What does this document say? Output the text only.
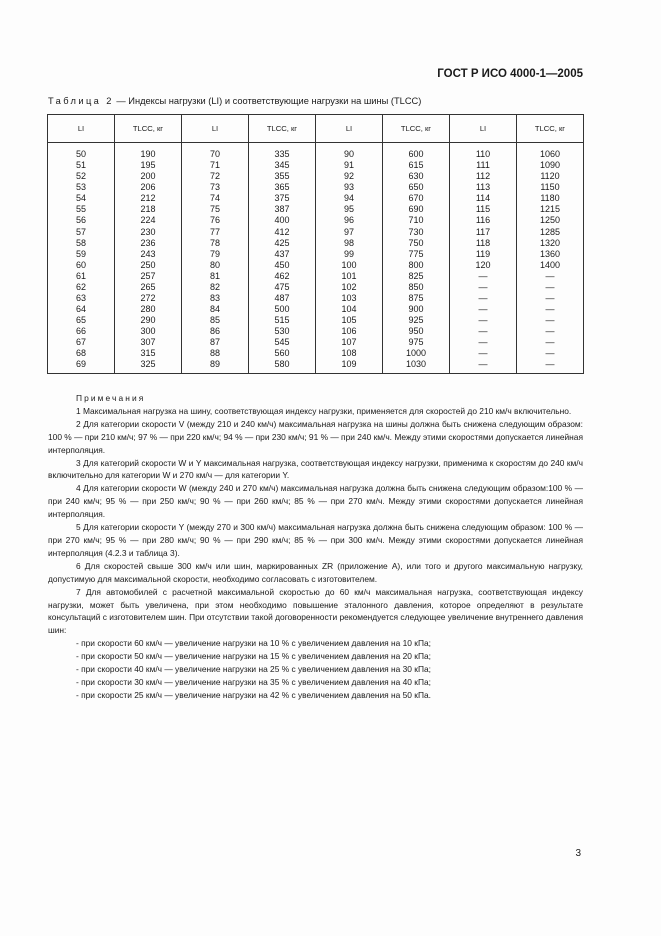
ГОСТ Р ИСО 4000-1—2005
Таблица 2 — Индексы нагрузки (LI) и соответствующие нагрузки на шины (TLCC)
LI	TLCC, кг	LI	TLCC, кг	LI	TLCC, кг	LI	TLCC, кг
50	190	70	335	90	600	110	1060
51	195	71	345	91	615	111	1090
52	200	72	355	92	630	112	1120
53	206	73	365	93	650	113	1150
54	212	74	375	94	670	114	1180
55	218	75	387	95	690	115	1215
56	224	76	400	96	710	116	1250
57	230	77	412	97	730	117	1285
58	236	78	425	98	750	118	1320
59	243	79	437	99	775	119	1360
60	250	80	450	100	800	120	1400
61	257	81	462	101	825	—	—
62	265	82	475	102	850	—	—
63	272	83	487	103	875	—	—
64	280	84	500	104	900	—	—
65	290	85	515	105	925	—	—
66	300	86	530	106	950	—	—
67	307	87	545	107	975	—	—
68	315	88	560	108	1000	—	—
69	325	89	580	109	1030	—	—
Примечания

1 Максимальная нагрузка на шину, соответствующая индексу нагрузки, применяется для скоростей до 210 км/ч включительно.

2 Для категории скорости V (между 210 и 240 км/ч) максимальная нагрузка на шины должна быть снижена следующим образом: 100 % — при 210 км/ч; 97 % — при 220 км/ч; 94 % — при 230 км/ч; 91 % — при 240 км/ч. Между этими скоростями допускается линейная интерполяция.

3 Для категорий скорости W и Y максимальная нагрузка, соответствующая индексу нагрузки, применима к скоростям до 240 км/ч включительно для категории W и 270 км/ч — для категории Y.

4 Для категории скорости W (между 240 и 270 км/ч) максимальная нагрузка должна быть снижена следующим образом:100 % — при 240 км/ч; 95 % — при 250 км/ч; 90 % — при 260 км/ч; 85 % — при 270 км/ч. Между этими скоростями допускается линейная интерполяция.

5 Для категории скорости Y (между 270 и 300 км/ч) максимальная нагрузка должна быть снижена следующим образом: 100 % — при 270 км/ч; 95 % — при 280 км/ч; 90 % — при 290 км/ч; 85 % — при 300 км/ч. Между этими скоростями допускается линейная интерполяция (4.2.3 и таблица 3).

6 Для скоростей свыше 300 км/ч или шин, маркированных ZR (приложение А), или того и другого максимальную нагрузку, допустимую для максимальной скорости, необходимо согласовать с изготовителем.

7 Для автомобилей с расчетной максимальной скоростью до 60 км/ч максимальная нагрузка, соответствующая индексу нагрузки, может быть увеличена, при этом необходимо повышение эталонного давления, которое определяют в результате консультаций с изготовителем шин. При отсутствии такой договоренности рекомендуется следующее увеличение внутреннего давления шин:

- при скорости 60 км/ч — увеличение нагрузки на 10 % с увеличением давления на 10 кПа;

- при скорости 50 км/ч — увеличение нагрузки на 15 % с увеличением давления на 20 кПа;

- при скорости 40 км/ч — увеличение нагрузки на 25 % с увеличением давления на 30 кПа;

- при скорости 30 км/ч — увеличение нагрузки на 35 % с увеличением давления на 40 кПа;

- при скорости 25 км/ч — увеличение нагрузки на 42 % с увеличением давления на 50 кПа.

3
